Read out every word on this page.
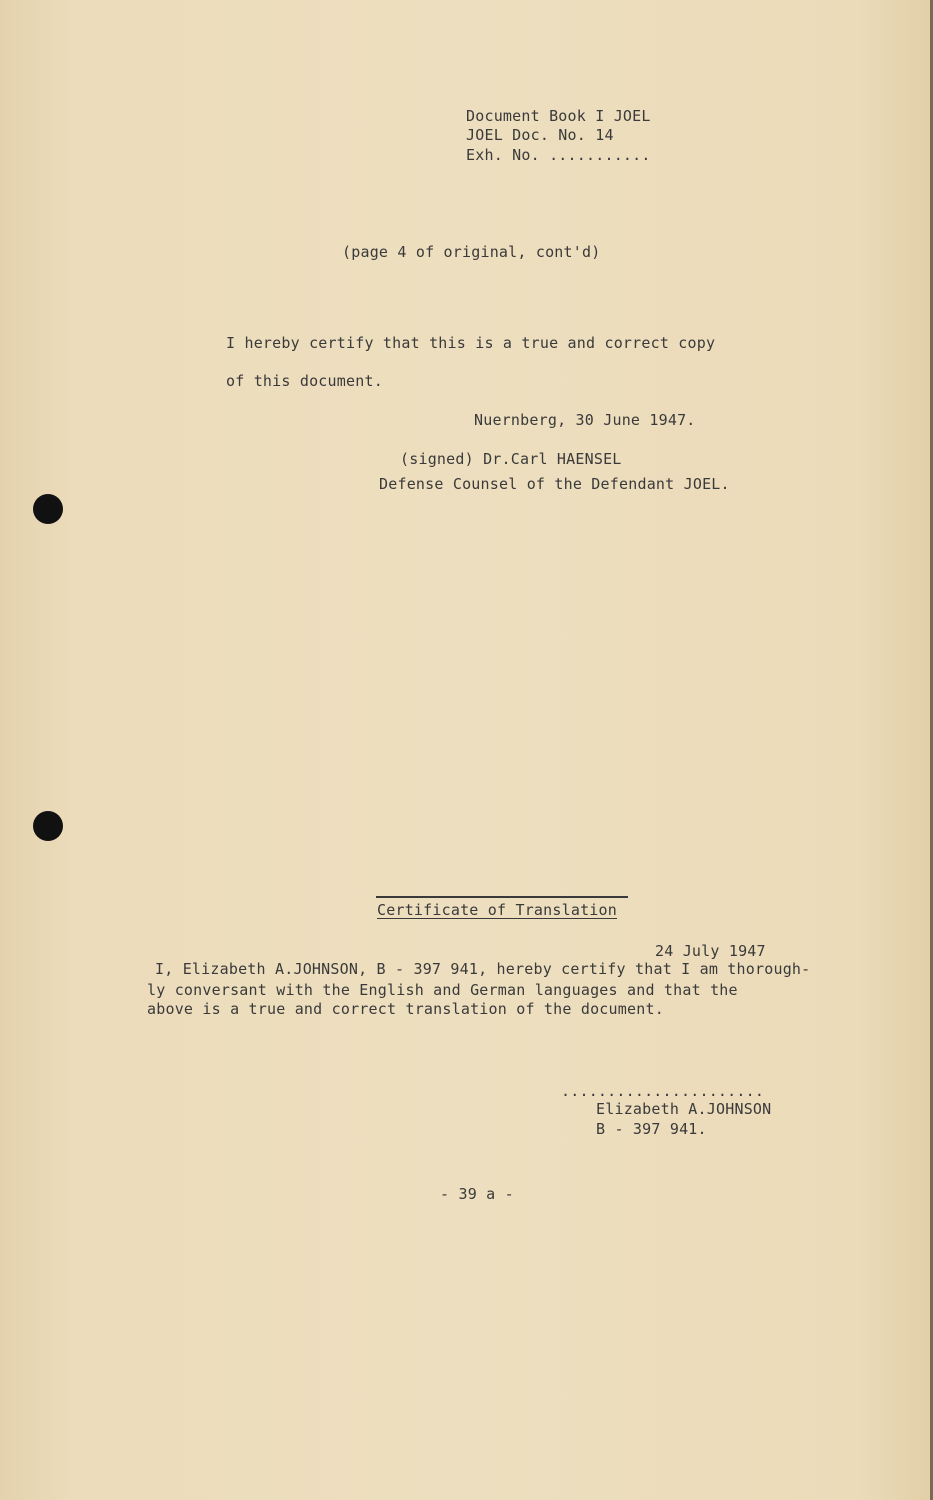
Document Book I JOEL
JOEL Doc. No. 14
Exh. No. ...........
(page 4 of original, cont'd)
I hereby certify that this is a true and correct copy
of this document.
Nuernberg, 30 June 1947.
(signed) Dr.Carl HAENSEL
Defense Counsel of the Defendant JOEL.
Certificate of Translation
24 July 1947
I, Elizabeth A.JOHNSON, B - 397 941, hereby certify that I am thorough-
ly conversant with the English and German languages and that the
above is a true and correct translation of the document.
......................
Elizabeth A.JOHNSON
B - 397 941.
- 39 a -
